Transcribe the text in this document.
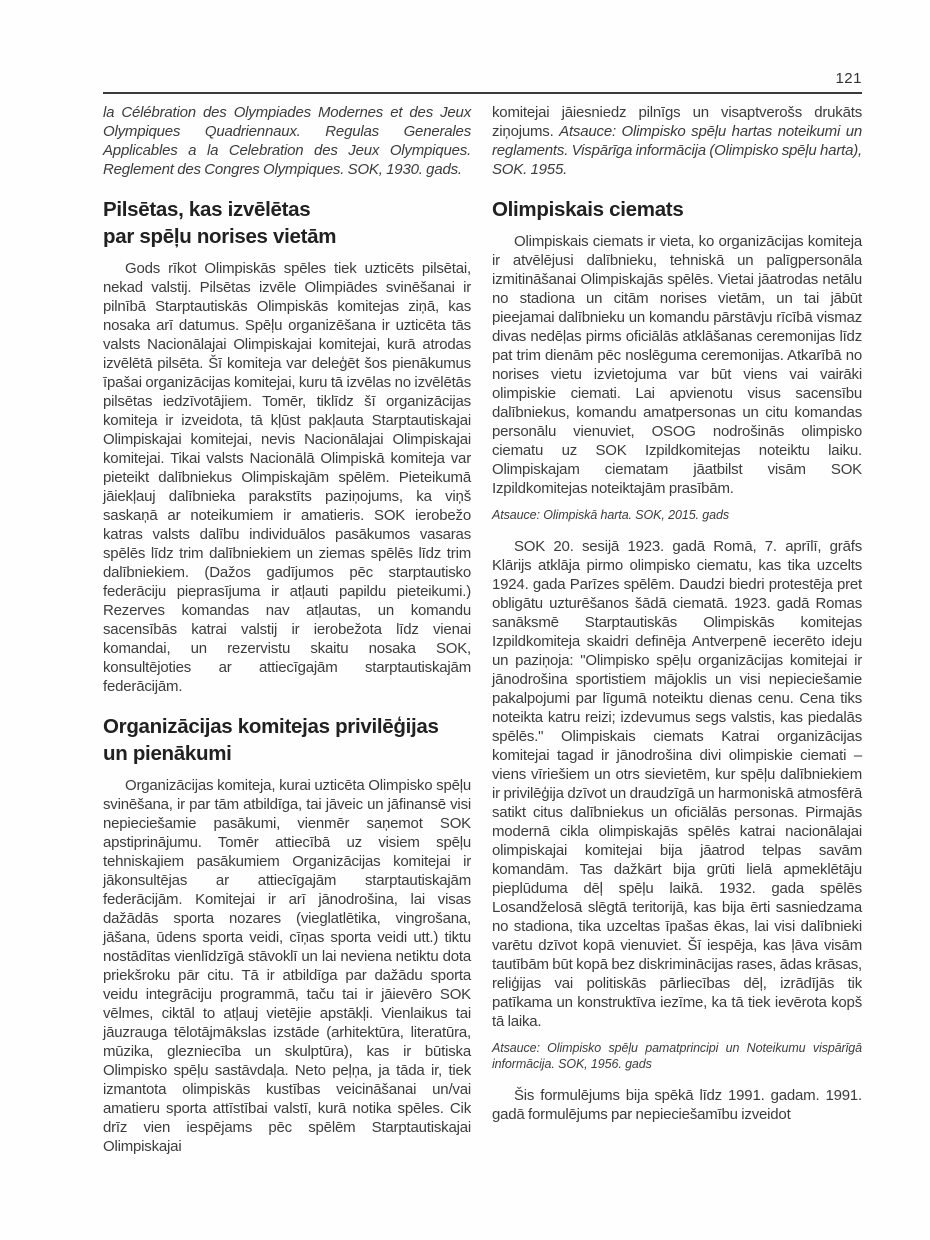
121

la Célébration des Olympiades Modernes et des Jeux Olympiques Quadriennaux. Regulas Generales Applicables a la Celebration des Jeux Olympiques. Reglement des Congres Olympiques. SOK, 1930. gads.

Pilsētas, kas izvēlētas
par spēļu norises vietām

Gods rīkot Olimpiskās spēles tiek uzticēts pilsētai, nekad valstij. Pilsētas izvēle Olimpiādes svinēšanai ir pilnībā Starptautiskās Olimpiskās komitejas ziņā, kas nosaka arī datumus. Spēļu organizēšana ir uzticēta tās valsts Nacionālajai Olimpiskajai komitejai, kurā atrodas izvēlētā pilsēta. Šī komiteja var deleģēt šos pienākumus īpašai organizācijas komitejai, kuru tā izvēlas no izvēlētās pilsētas iedzīvotājiem. Tomēr, tiklīdz šī organizācijas komiteja ir izveidota, tā kļūst pakļauta Starptautiskajai Olimpiskajai komitejai, nevis Nacionālajai Olimpiskajai komitejai. Tikai valsts Nacionālā Olimpiskā komiteja var pieteikt dalībniekus Olimpiskajām spēlēm. Pieteikumā jāiekļauj dalībnieka parakstīts paziņojums, ka viņš saskaņā ar noteikumiem ir amatieris. SOK ierobežo katras valsts dalību individuālos pasākumos vasaras spēlēs līdz trim dalībniekiem un ziemas spēlēs līdz trim dalībniekiem. (Dažos gadījumos pēc starptautisko federāciju pieprasījuma ir atļauti papildu pieteikumi.) Rezerves komandas nav atļautas, un komandu sacensībās katrai valstij ir ierobežota līdz vienai komandai, un rezervistu skaitu nosaka SOK, konsultējoties ar attiecīgajām starptautiskajām federācijām.

Organizācijas komitejas privilēģijas
un pienākumi

Organizācijas komiteja, kurai uzticēta Olimpisko spēļu svinēšana, ir par tām atbildīga, tai jāveic un jāfinansē visi nepieciešamie pasākumi, vienmēr saņemot SOK apstiprinājumu. Tomēr attiecībā uz visiem spēļu tehniskajiem pasākumiem Organizācijas komitejai ir jākonsultējas ar attiecīgajām starptautiskajām federācijām. Komitejai ir arī jānodrošina, lai visas dažādās sporta nozares (vieglatlētika, vingrošana, jāšana, ūdens sporta veidi, cīņas sporta veidi utt.) tiktu nostādītas vienlīdzīgā stāvoklī un lai neviena netiktu dota priekšroku pār citu. Tā ir atbildīga par dažādu sporta veidu integrāciju programmā, taču tai ir jāievēro SOK vēlmes, ciktāl to atļauj vietējie apstākļi. Vienlaikus tai jāuzrauga tēlotājmākslas izstāde (arhitektūra, literatūra, mūzika, glezniecība un skulptūra), kas ir būtiska Olimpisko spēļu sastāvdaļa. Neto peļņa, ja tāda ir, tiek izmantota olimpiskās kustības veicināšanai un/vai amatieru sporta attīstībai valstī, kurā notika spēles. Cik drīz vien iespējams pēc spēlēm Starptautiskajai Olimpiskajai

komitejai jāiesniedz pilnīgs un visaptverošs drukāts ziņojums. Atsauce: Olimpisko spēļu hartas noteikumi un reglaments. Vispārīga informācija (Olimpisko spēļu harta), SOK. 1955.

Olimpiskais ciemats

Olimpiskais ciemats ir vieta, ko organizācijas komiteja ir atvēlējusi dalībnieku, tehniskā un palīgpersonāla izmitināšanai Olimpiskajās spēlēs. Vietai jāatrodas netālu no stadiona un citām norises vietām, un tai jābūt pieejamai dalībnieku un komandu pārstāvju rīcībā vismaz divas nedēļas pirms oficiālās atklāšanas ceremonijas līdz pat trim dienām pēc noslēguma ceremonijas. Atkarībā no norises vietu izvietojuma var būt viens vai vairāki olimpiskie ciemati. Lai apvienotu visus sacensību dalībniekus, komandu amatpersonas un citu komandas personālu vienuviet, OSOG nodrošinās olimpisko ciematu uz SOK Izpildkomitejas noteiktu laiku. Olimpiskajam ciematam jāatbilst visām SOK Izpildkomitejas noteiktajām prasībām.

Atsauce: Olimpiskā harta. SOK, 2015. gads

SOK 20. sesijā 1923. gadā Romā, 7. aprīlī, grāfs Klārijs atklāja pirmo olimpisko ciematu, kas tika uzcelts 1924. gada Parīzes spēlēm. Daudzi biedri protestēja pret obligātu uzturēšanos šādā ciematā. 1923. gadā Romas sanāksmē Starptautiskās Olimpiskās komitejas Izpildkomiteja skaidri definēja Antverpenē iecerēto ideju un paziņoja: "Olimpisko spēļu organizācijas komitejai ir jānodrošina sportistiem mājoklis un visi nepieciešamie pakalpojumi par līgumā noteiktu dienas cenu. Cena tiks noteikta katru reizi; izdevumus segs valstis, kas piedalās spēlēs." Olimpiskais ciemats Katrai organizācijas komitejai tagad ir jānodrošina divi olimpiskie ciemati – viens vīriešiem un otrs sievietēm, kur spēļu dalībniekiem ir privilēģija dzīvot un draudzīgā un harmoniskā atmosfērā satikt citus dalībniekus un oficiālās personas. Pirmajās modernā cikla olimpiskajās spēlēs katrai nacionālajai olimpiskajai komitejai bija jāatrod telpas savām komandām. Tas dažkārt bija grūti lielā apmeklētāju pieplūduma dēļ spēļu laikā. 1932. gada spēlēs Losandželosā slēgtā teritorijā, kas bija ērti sasniedzama no stadiona, tika uzceltas īpašas ēkas, lai visi dalībnieki varētu dzīvot kopā vienuviet. Šī iespēja, kas ļāva visām tautībām būt kopā bez diskriminācijas rases, ādas krāsas, reliģijas vai politiskās pārliecības dēļ, izrādījās tik patīkama un konstruktīva iezīme, ka tā tiek ievērota kopš tā laika.

Atsauce: Olimpisko spēļu pamatprincipi un Noteikumu vispārīgā informācija. SOK, 1956. gads

Šis formulējums bija spēkā līdz 1991. gadam. 1991. gadā formulējums par nepieciešamību izveidot
